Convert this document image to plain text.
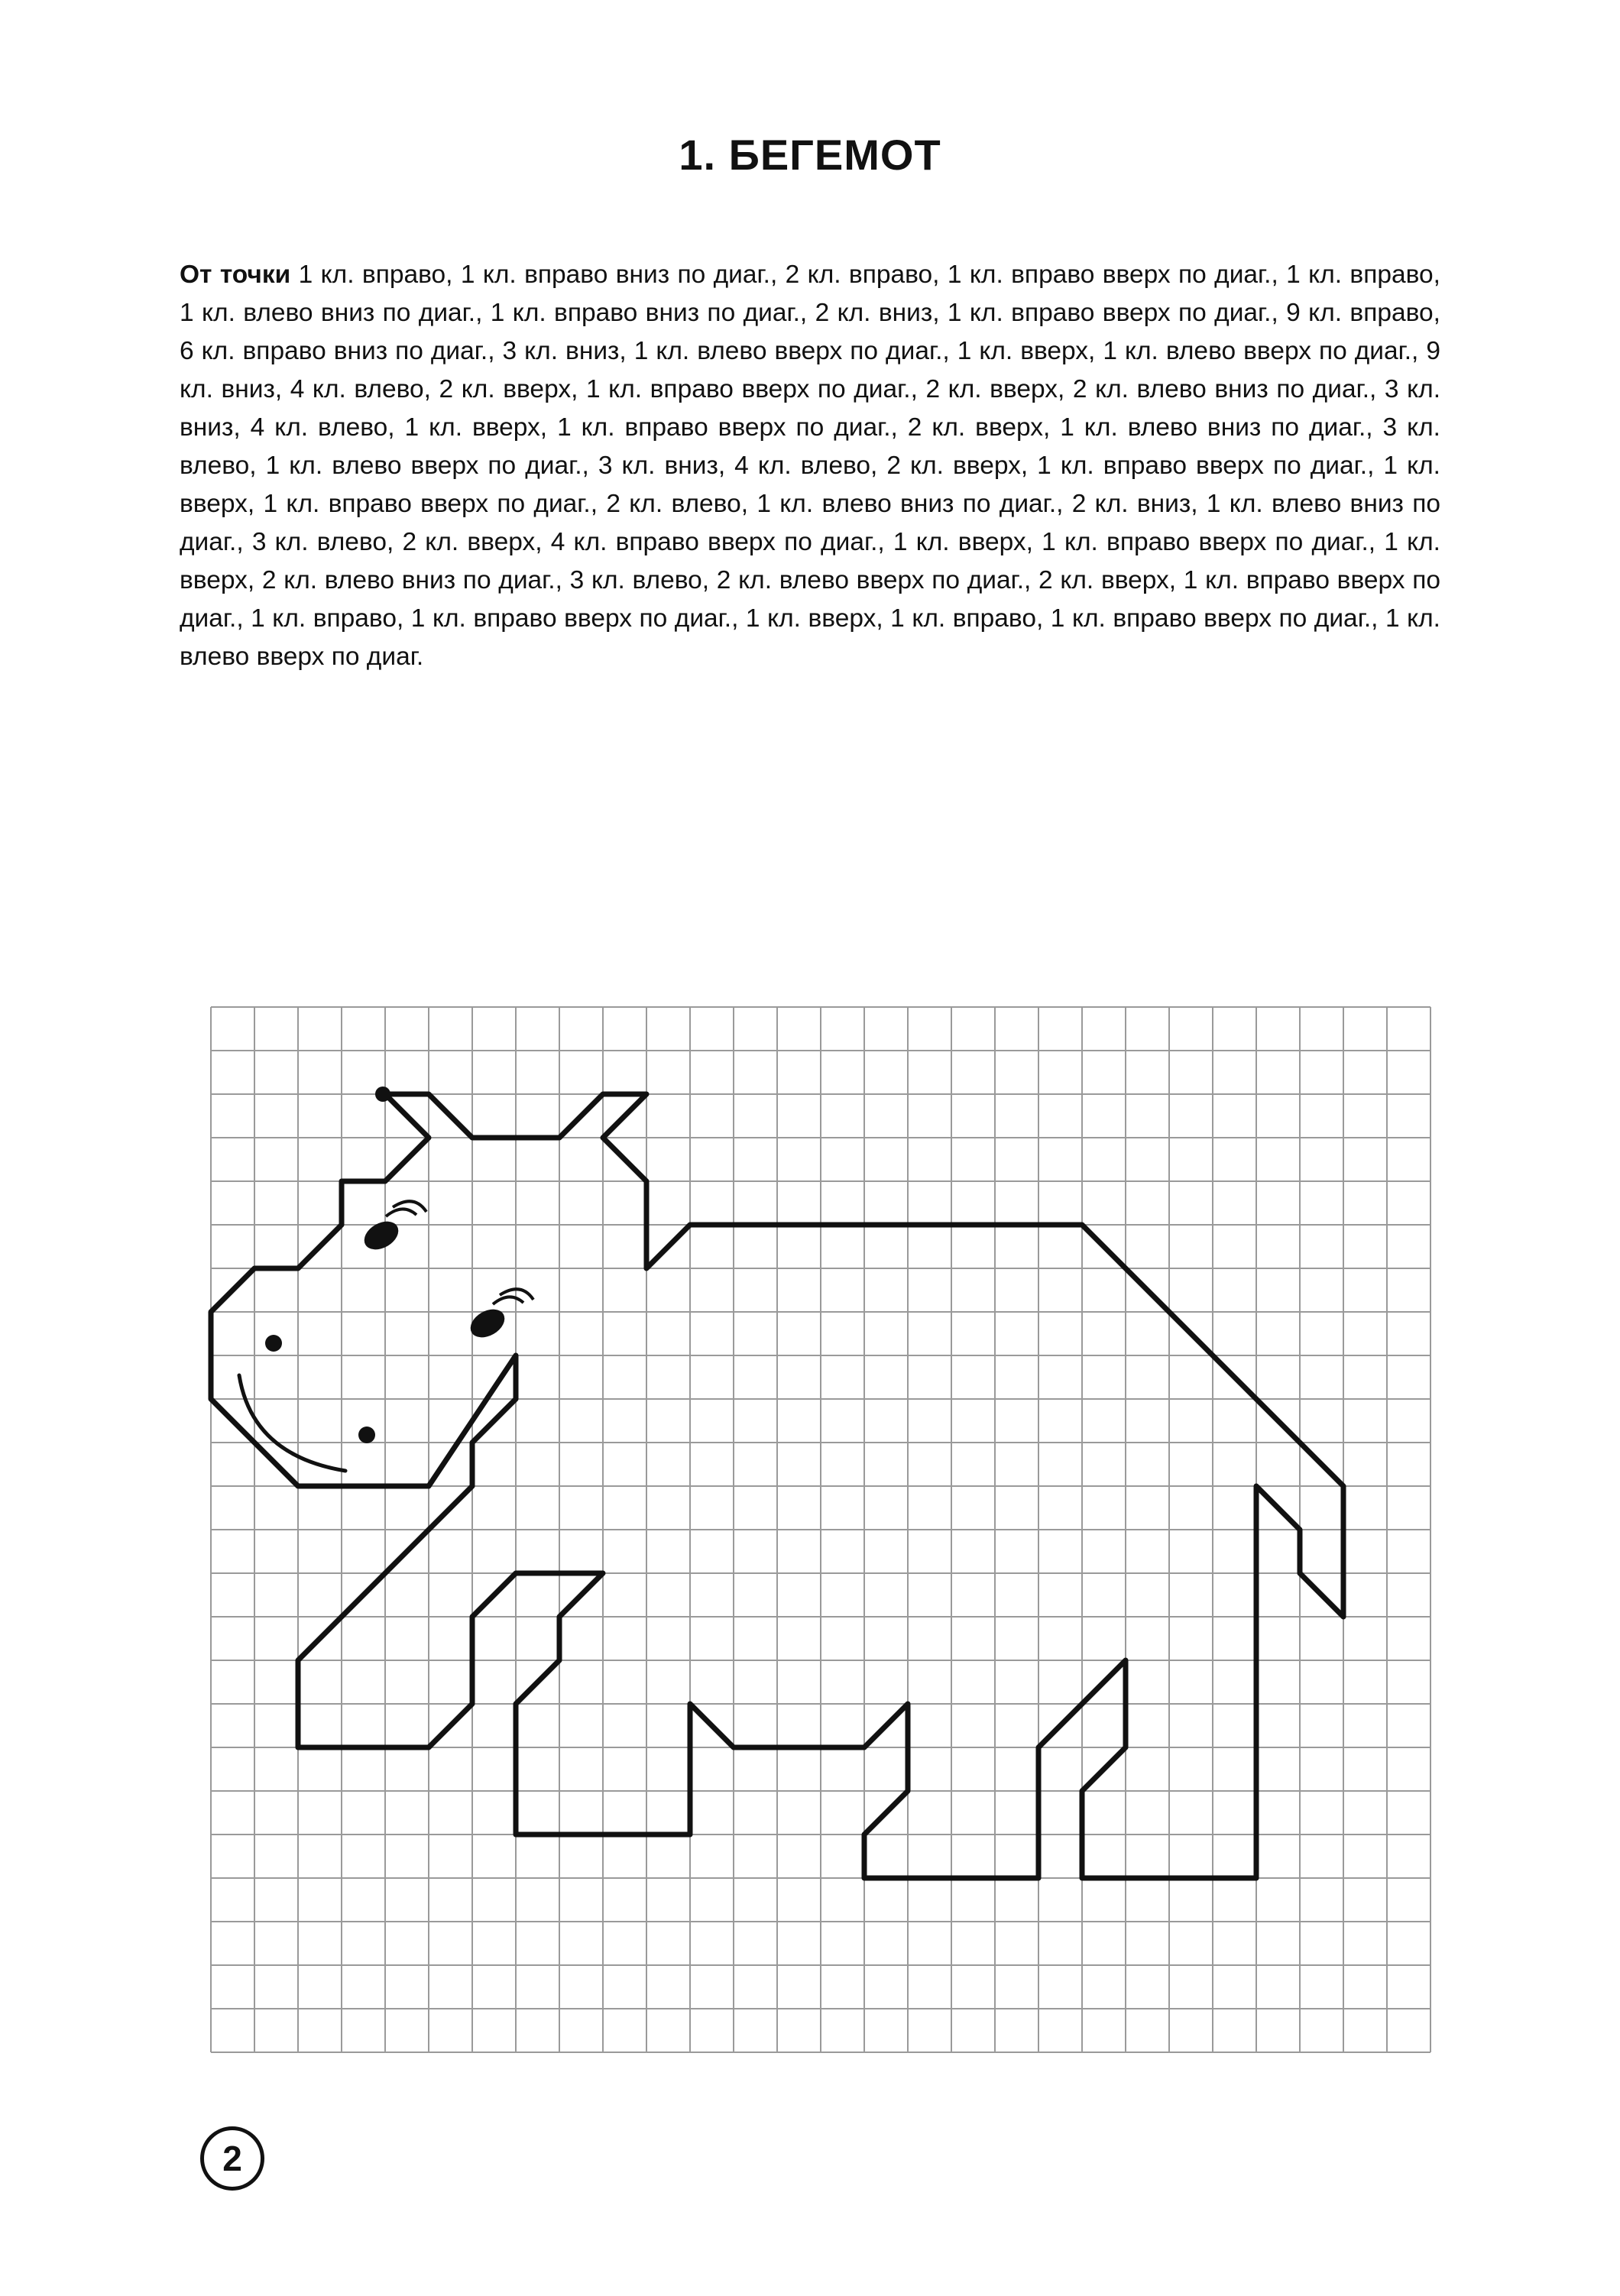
1. БЕГЕМОТ
От точки 1 кл. вправо, 1 кл. вправо вниз по диаг., 2 кл. вправо, 1 кл. вправо вверх по диаг., 1 кл. вправо, 1 кл. влево вниз по диаг., 1 кл. вправо вниз по диаг., 2 кл. вниз, 1 кл. вправо вверх по диаг., 9 кл. вправо, 6 кл. вправо вниз по диаг., 3 кл. вниз, 1 кл. влево вверх по диаг., 1 кл. вверх, 1 кл. влево вверх по диаг., 9 кл. вниз, 4 кл. влево, 2 кл. вверх, 1 кл. вправо вверх по диаг., 2 кл. вверх, 2 кл. влево вниз по диаг., 3 кл. вниз, 4 кл. влево, 1 кл. вверх, 1 кл. вправо вверх по диаг., 2 кл. вверх, 1 кл. влево вниз по диаг., 3 кл. влево, 1 кл. влево вверх по диаг., 3 кл. вниз, 4 кл. влево, 2 кл. вверх, 1 кл. вправо вверх по диаг., 1 кл. вверх, 1 кл. вправо вверх по диаг., 2 кл. влево, 1 кл. влево вниз по диаг., 2 кл. вниз, 1 кл. влево вниз по диаг., 3 кл. влево, 2 кл. вверх, 4 кл. вправо вверх по диаг., 1 кл. вверх, 1 кл. вправо вверх по диаг., 1 кл. вверх, 2 кл. влево вниз по диаг., 3 кл. влево, 2 кл. влево вверх по диаг., 2 кл. вверх, 1 кл. вправо вверх по диаг., 1 кл. вправо, 1 кл. вправо вверх по диаг., 1 кл. вверх, 1 кл. вправо, 1 кл. вправо вверх по диаг., 1 кл. влево вверх по диаг.
2
